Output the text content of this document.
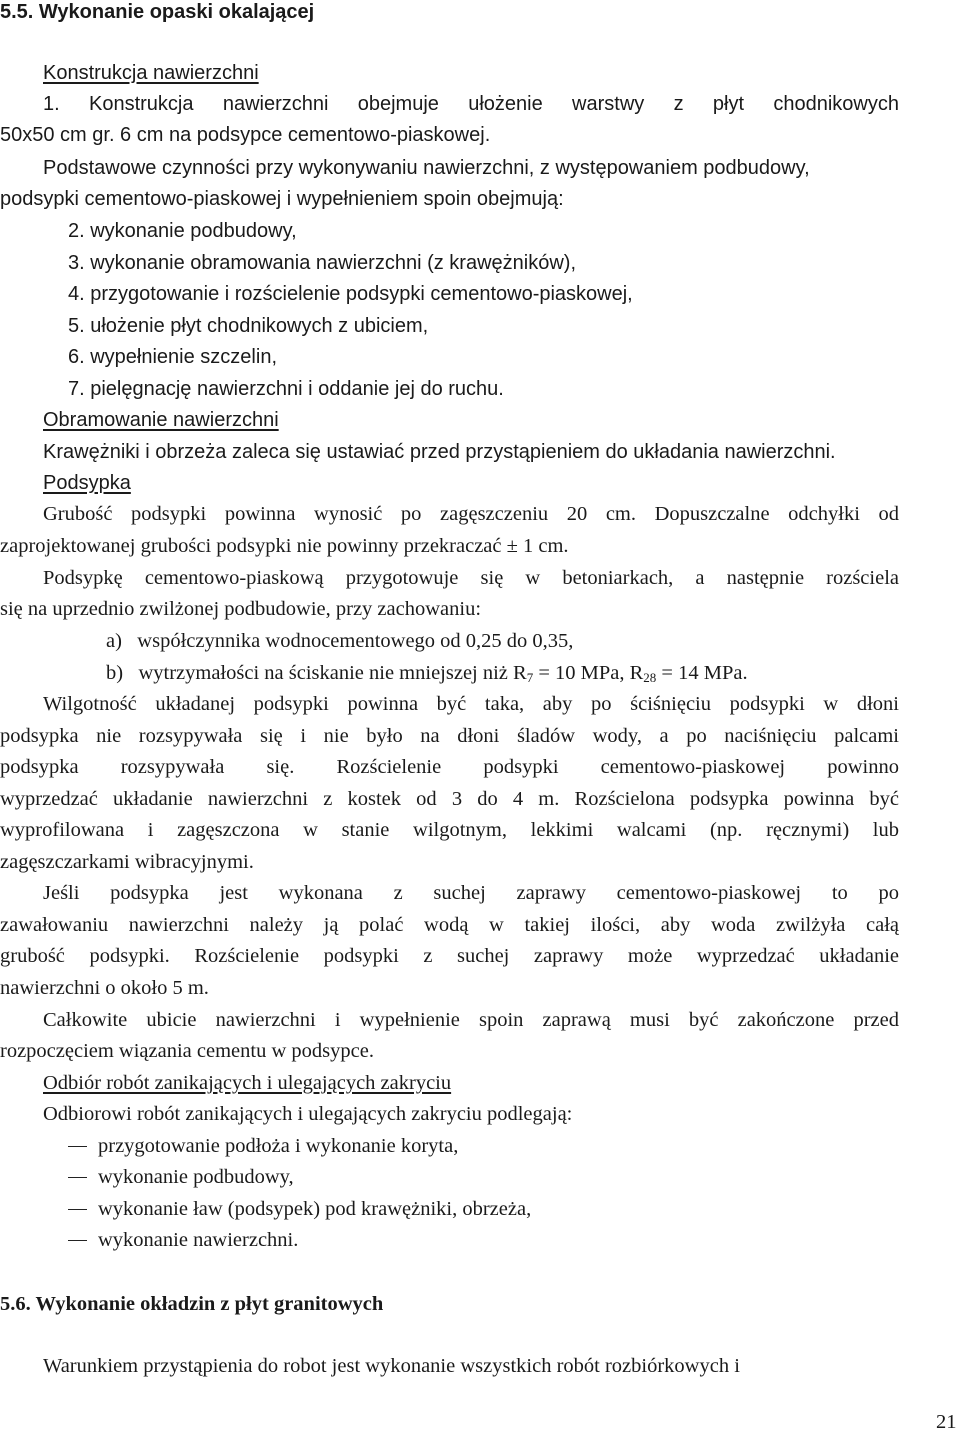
5.5. Wykonanie opaski okalającej
Konstrukcja nawierzchni
1. Konstrukcja nawierzchni obejmuje ułożenie warstwy z płyt chodnikowych
50x50 cm gr. 6 cm na podsypce cementowo-piaskowej.
Podstawowe czynności przy wykonywaniu nawierzchni, z występowaniem podbudowy,
podsypki cementowo-piaskowej i wypełnieniem spoin obejmują:
2. wykonanie podbudowy,
3. wykonanie obramowania nawierzchni (z krawężników),
4. przygotowanie i rozścielenie podsypki cementowo-piaskowej,
5. ułożenie płyt chodnikowych z ubiciem,
6. wypełnienie szczelin,
7. pielęgnację nawierzchni i oddanie jej do ruchu.
Obramowanie nawierzchni
Krawężniki i obrzeża zaleca się ustawiać przed przystąpieniem do układania nawierzchni.
Podsypka
Grubość podsypki powinna wynosić po zagęszczeniu 20 cm. Dopuszczalne odchyłki od
zaprojektowanej grubości podsypki nie powinny przekraczać ± 1 cm.
Podsypkę cementowo-piaskową przygotowuje się w betoniarkach, a następnie rozściela
się na uprzednio zwilżonej podbudowie, przy zachowaniu:
a)  współczynnika wodnocementowego od 0,25 do 0,35,
b)  wytrzymałości na ściskanie nie mniejszej niż $R_7 = 10$ MPa, $R_{28} = 14$ MPa.
Wilgotność układanej podsypki powinna być taka, aby po ściśnięciu podsypki w dłoni
podsypka nie rozsypywała się i nie było na dłoni śladów wody, a po naciśnięciu palcami
podsypka rozsypywała się. Rozścielenie podsypki cementowo-piaskowej powinno
wyprzedzać układanie nawierzchni z kostek od 3 do 4 m. Rozścielona podsypka powinna być
wyprofilowana i zagęszczona w stanie wilgotnym, lekkimi walcami (np. ręcznymi) lub
zagęszczarkami wibracyjnymi.
Jeśli podsypka jest wykonana z suchej zaprawy cementowo-piaskowej to po
zawałowaniu nawierzchni należy ją polać wodą w takiej ilości, aby woda zwilżyła całą
grubość podsypki. Rozścielenie podsypki z suchej zaprawy może wyprzedzać układanie
nawierzchni o około 5 m.
Całkowite ubicie nawierzchni i wypełnienie spoin zaprawą musi być zakończone przed
rozpoczęciem wiązania cementu w podsypce.
Odbiór robót zanikających i ulegających zakryciu
Odbiorowi robót zanikających i ulegających zakryciu podlegają:
przygotowanie podłoża i wykonanie koryta,
wykonanie podbudowy,
wykonanie ław (podsypek) pod krawężniki, obrzeża,
wykonanie nawierzchni.
5.6. Wykonanie okładzin z płyt granitowych
Warunkiem przystąpienia do robot jest wykonanie wszystkich robót rozbiórkowych i
21
